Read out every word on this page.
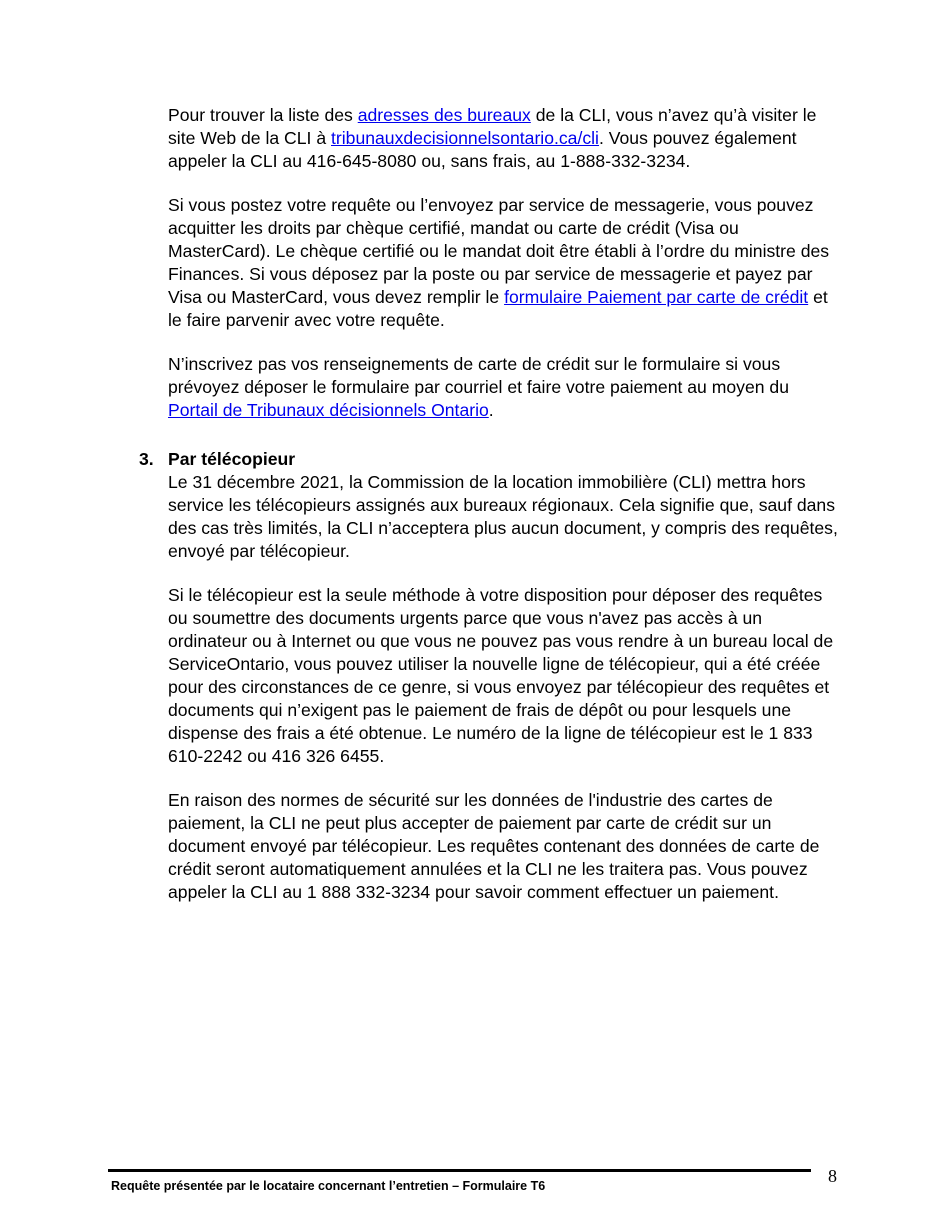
Pour trouver la liste des adresses des bureaux de la CLI, vous n’avez qu’à visiter le site Web de la CLI à tribunauxdecisionnelsontario.ca/cli. Vous pouvez également appeler la CLI au 416-645-8080 ou, sans frais, au 1-888-332-3234.

Si vous postez votre requête ou l’envoyez par service de messagerie, vous pouvez acquitter les droits par chèque certifié, mandat ou carte de crédit (Visa ou MasterCard). Le chèque certifié ou le mandat doit être établi à l’ordre du ministre des Finances. Si vous déposez par la poste ou par service de messagerie et payez par Visa ou MasterCard, vous devez remplir le formulaire Paiement par carte de crédit et le faire parvenir avec votre requête.

N’inscrivez pas vos renseignements de carte de crédit sur le formulaire si vous prévoyez déposer le formulaire par courriel et faire votre paiement au moyen du Portail de Tribunaux décisionnels Ontario.

3. Par télécopieur

Le 31 décembre 2021, la Commission de la location immobilière (CLI) mettra hors service les télécopieurs assignés aux bureaux régionaux. Cela signifie que, sauf dans des cas très limités, la CLI n’acceptera plus aucun document, y compris des requêtes, envoyé par télécopieur.

Si le télécopieur est la seule méthode à votre disposition pour déposer des requêtes ou soumettre des documents urgents parce que vous n'avez pas accès à un ordinateur ou à Internet ou que vous ne pouvez pas vous rendre à un bureau local de ServiceOntario, vous pouvez utiliser la nouvelle ligne de télécopieur, qui a été créée pour des circonstances de ce genre, si vous envoyez par télécopieur des requêtes et documents qui n’exigent pas le paiement de frais de dépôt ou pour lesquels une dispense des frais a été obtenue. Le numéro de la ligne de télécopieur est le 1 833 610-2242 ou 416 326 6455.

En raison des normes de sécurité sur les données de l'industrie des cartes de paiement, la CLI ne peut plus accepter de paiement par carte de crédit sur un document envoyé par télécopieur. Les requêtes contenant des données de carte de crédit seront automatiquement annulées et la CLI ne les traitera pas. Vous pouvez appeler la CLI au 1 888 332-3234 pour savoir comment effectuer un paiement.

Requête présentée par le locataire concernant l’entretien – Formulaire T6	8
